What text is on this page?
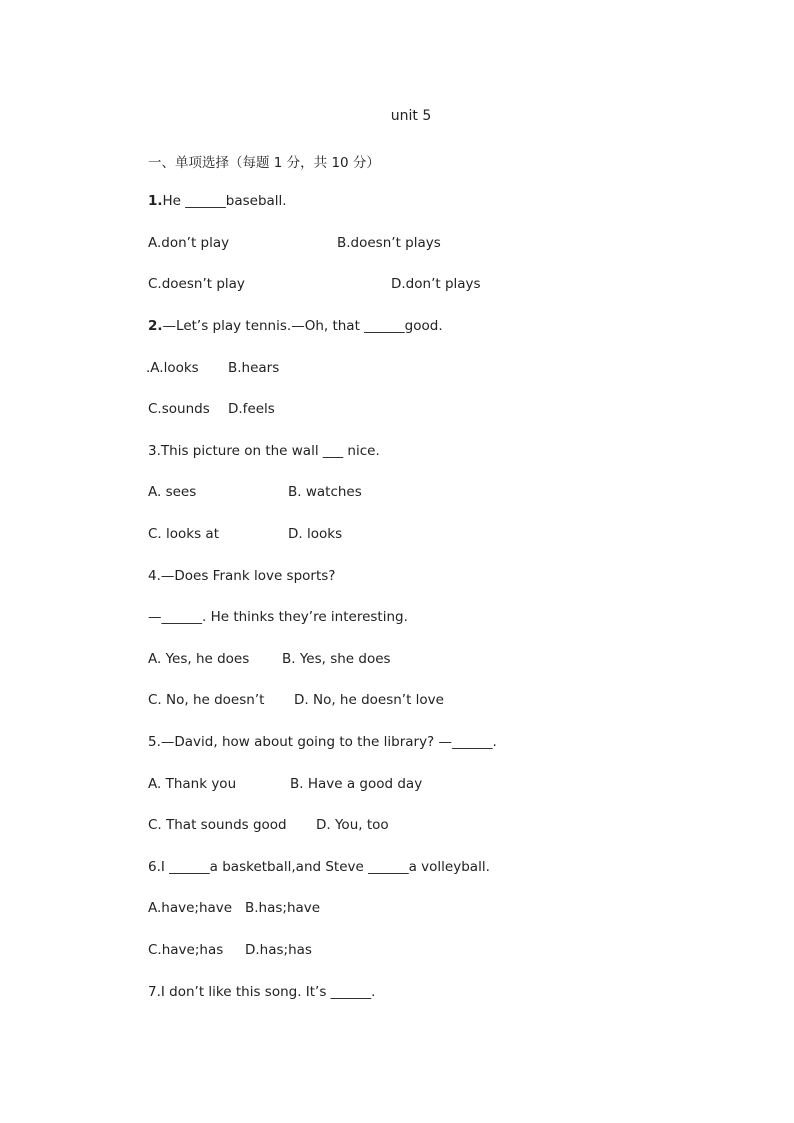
unit 5
一、单项选择（每题 1 分，共 10 分）
1.He ______baseball.
A.don’t play	B.doesn’t plays
C.doesn’t play	D.don’t plays
2.—Let’s play tennis.—Oh, that ______good.
.A.looks B.hears
C.sounds D.feels
3.This picture on the wall ___ nice.
A. sees	B. watches
C. looks at	D. looks
4.—Does Frank love sports?
—______. He thinks they’re interesting.
A. Yes, he does B. Yes, she does
C. No, he doesn’t D. No, he doesn’t love
5.—David, how about going to the library? —______.
A. Thank you	B. Have a good day
C. That sounds good D. You, too
6.I ______a basketball,and Steve ______a volleyball.
A.have;have B.has;have
C.have;has D.has;has
7.I don’t like this song. It’s ______.
